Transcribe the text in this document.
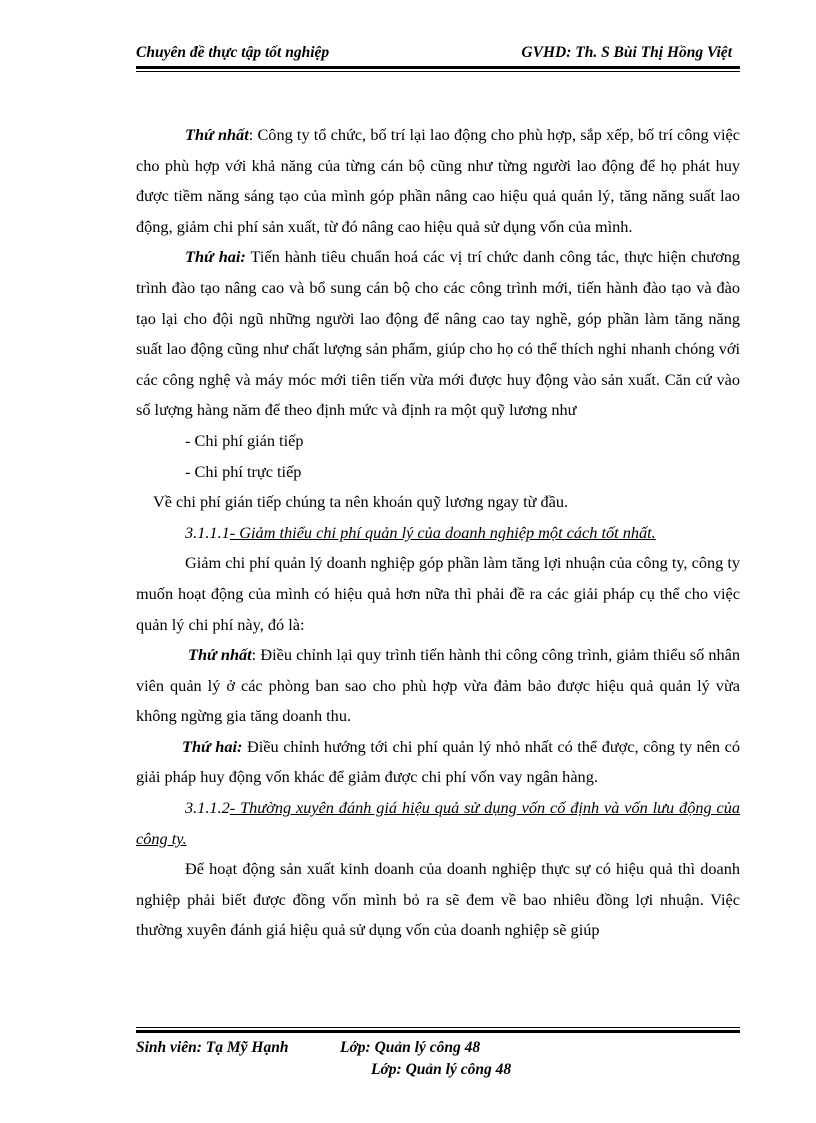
Chuyên đề thực tập tốt nghiệp	GVHD: Th. S Bùi Thị Hồng Việt

Thứ nhất: Công ty tổ chức, bố trí lại lao động cho phù hợp, sắp xếp, bố trí công việc cho phù hợp với khả năng của từng cán bộ cũng như từng người lao động để họ phát huy được tiềm năng sáng tạo của mình góp phần nâng cao hiệu quả quản lý, tăng năng suất lao động, giảm chi phí sản xuất, từ đó nâng cao hiệu quả sử dụng vốn của mình.

Thứ hai: Tiến hành tiêu chuẩn hoá các vị trí chức danh công tác, thực hiện chương trình đào tạo nâng cao và bổ sung cán bộ cho các công trình mới, tiến hành đào tạo và đào tạo lại cho đội ngũ những người lao động để nâng cao tay nghề, góp phần làm tăng năng suất lao động cũng như chất lượng sản phẩm, giúp cho họ có thể thích nghi nhanh chóng với các công nghệ và máy móc mới tiên tiến vừa mới được huy động vào sản xuất. Căn cứ vào số lượng hàng năm để theo định mức và định ra một quỹ lương như

- Chi phí gián tiếp

- Chi phí trực tiếp

Về chi phí gián tiếp chúng ta nên khoán quỹ lương ngay từ đầu.

3.1.1.1- Giảm thiểu chi phí quản lý của doanh nghiệp một cách tốt nhất.

Giảm chi phí quản lý doanh nghiệp góp phần làm tăng lợi nhuận của công ty, công ty muốn hoạt động của mình có hiệu quả hơn nữa thì phải đề ra các giải pháp cụ thể cho việc quản lý chi phí này, đó là:

Thứ nhất: Điều chỉnh lại quy trình tiến hành thi công công trình, giảm thiểu số nhân viên quản lý ở các phòng ban sao cho phù hợp vừa đảm bảo được hiệu quả quản lý vừa không ngừng gia tăng doanh thu.

Thứ hai: Điều chỉnh hướng tới chi phí quản lý nhỏ nhất có thể được, công ty nên có giải pháp huy động vốn khác để giảm được chi phí vốn vay ngân hàng.

3.1.1.2- Thường xuyên đánh giá hiệu quả sử dụng vốn cố định và vốn lưu động của công ty.

Để hoạt động sản xuất kinh doanh của doanh nghiệp thực sự có hiệu quả thì doanh nghiệp phải biết được đồng vốn mình bỏ ra sẽ đem về bao nhiêu đồng lợi nhuận. Việc thường xuyên đánh giá hiệu quả sử dụng vốn của doanh nghiệp sẽ giúp

Sinh viên: Tạ Mỹ Hạnh	Lớp: Quản lý công 48
Lớp: Quản lý công 48
